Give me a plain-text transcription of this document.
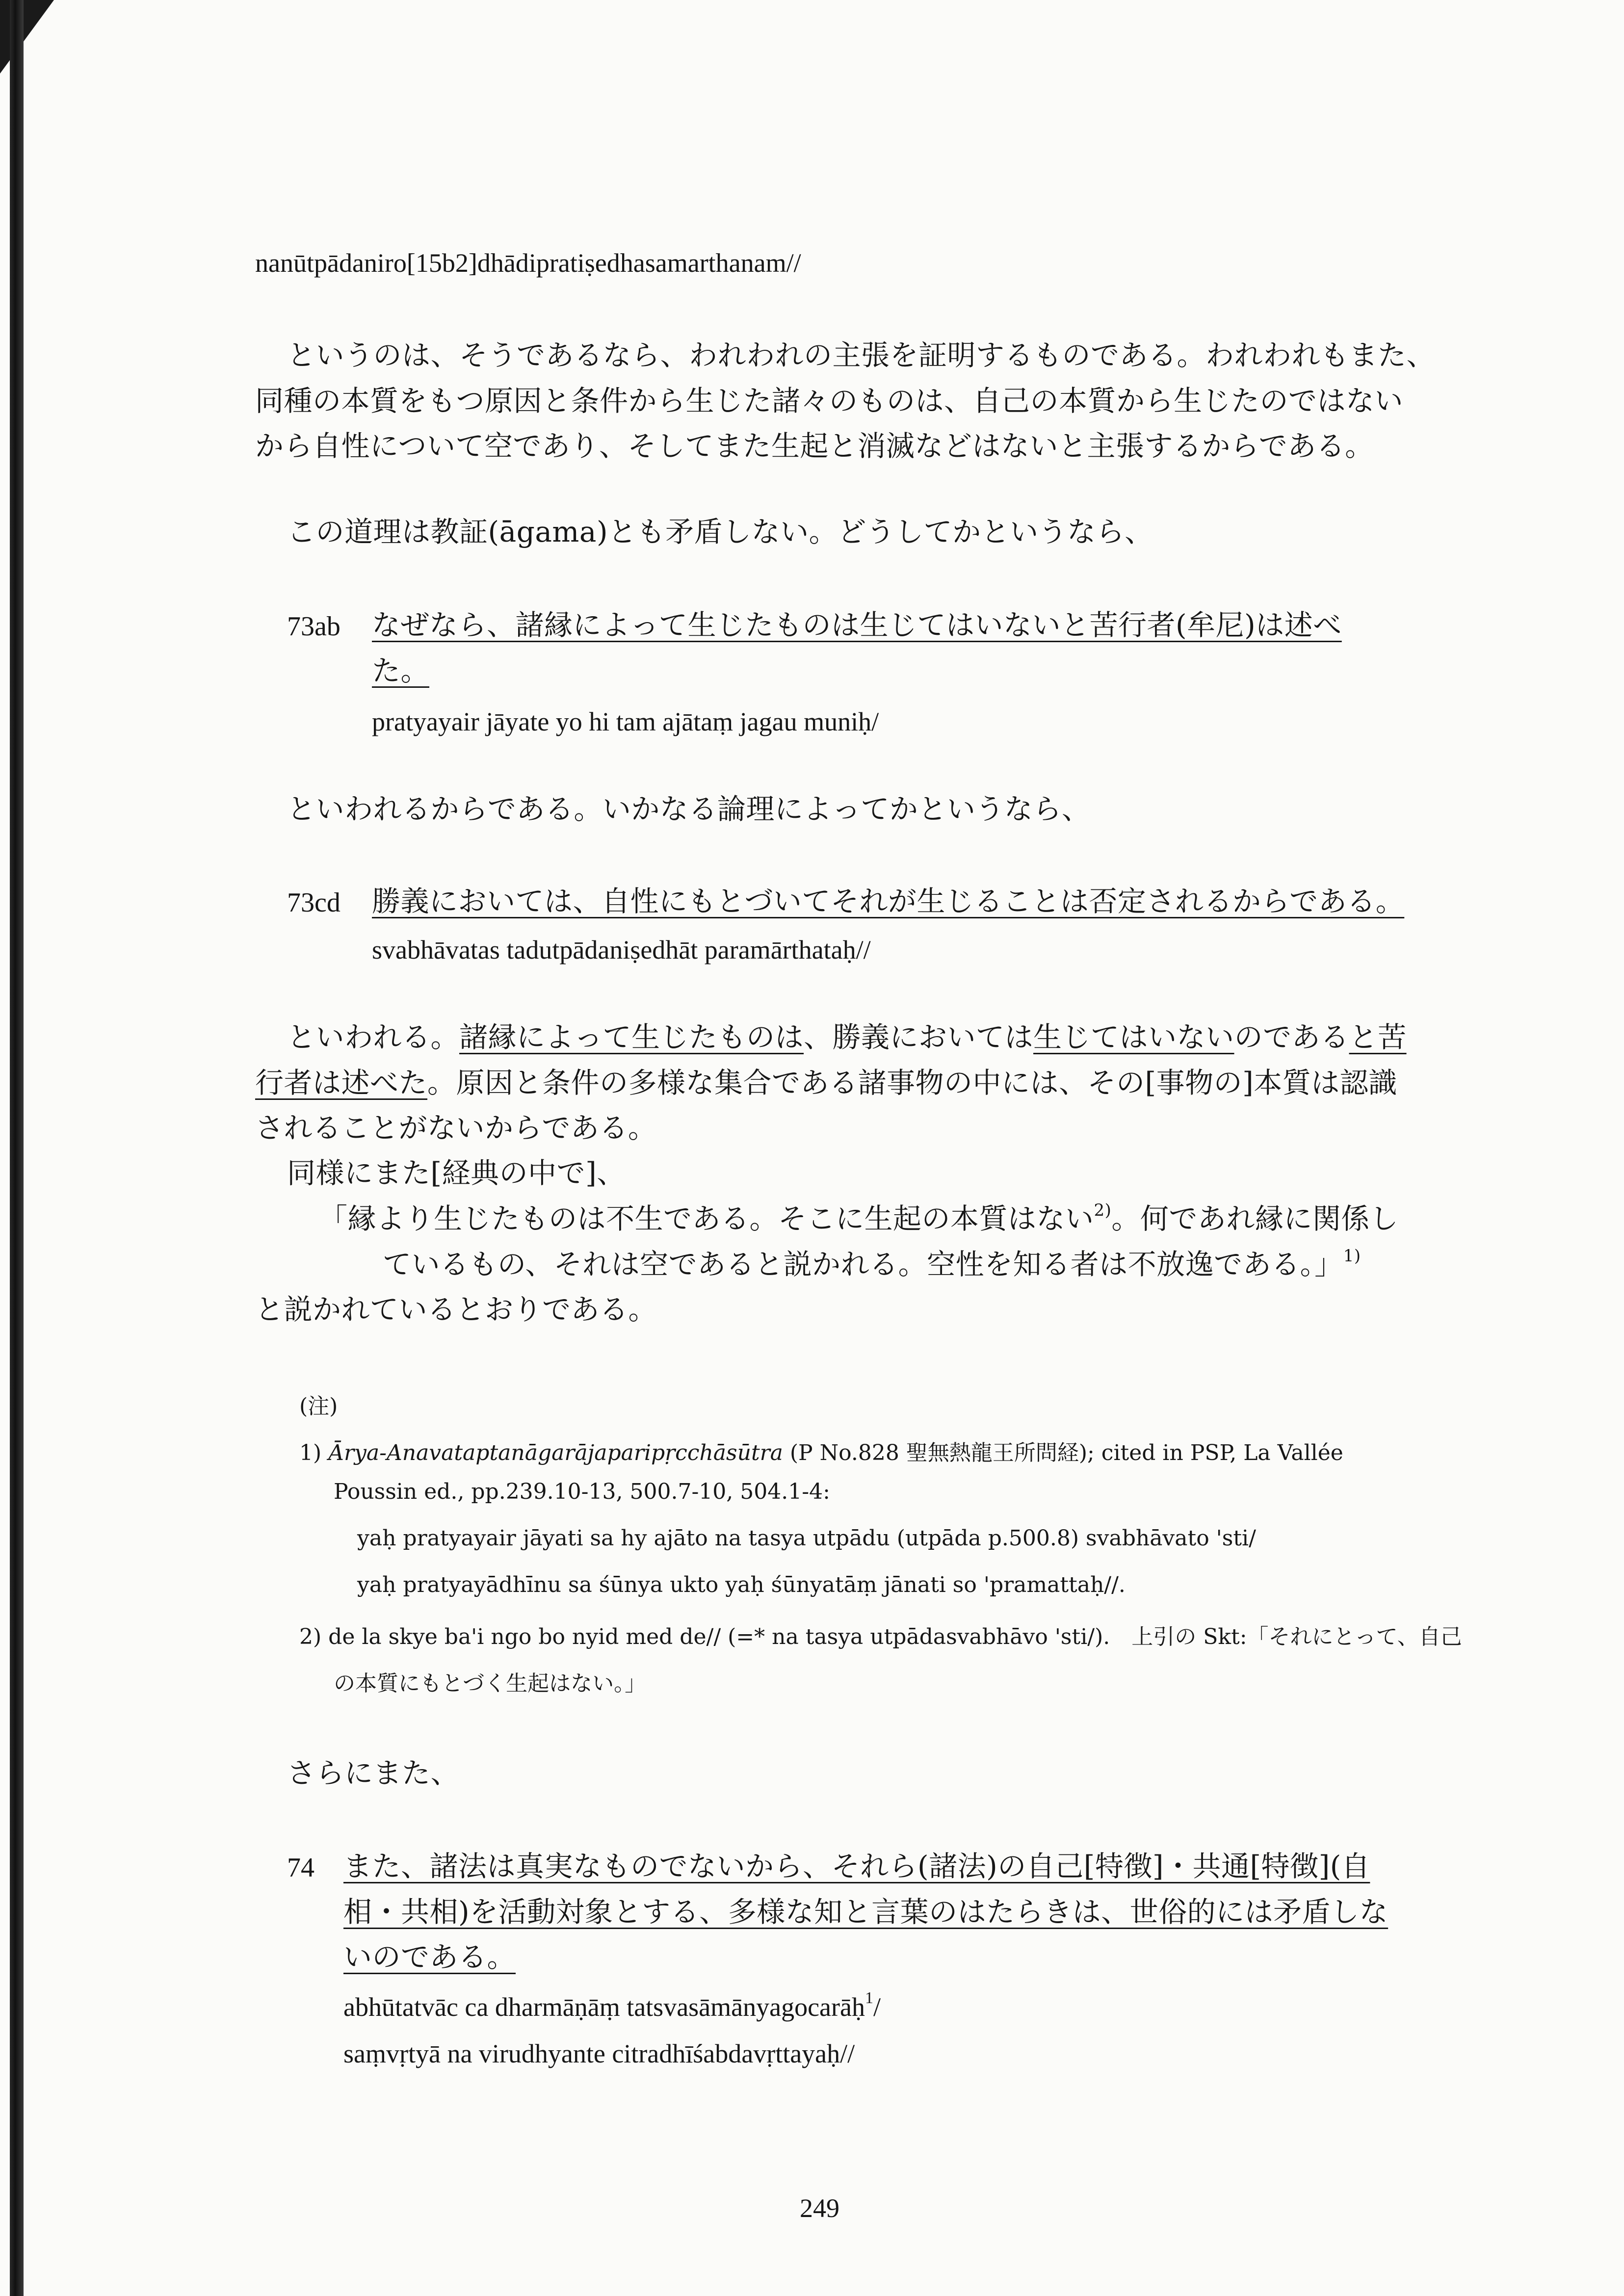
nanūtpādaniro[15b2]dhādipratiṣedhasamarthanam//
というのは、そうであるなら、われわれの主張を証明するものである。われわれもまた、
同種の本質をもつ原因と条件から生じた諸々のものは、自己の本質から生じたのではない
から自性について空であり、そしてまた生起と消滅などはないと主張するからである。
この道理は教証(āgama)とも矛盾しない。どうしてかというなら、
73ab なぜなら、諸縁によって生じたものは生じてはいないと苦行者(牟尼)は述べ
た。
pratyayair jāyate yo hi tam ajātaṃ jagau muniḥ/
といわれるからである。いかなる論理によってかというなら、
73cd 勝義においては、自性にもとづいてそれが生じることは否定されるからである。
svabhāvatas tadutpādaniṣedhāt paramārthataḥ//
といわれる。諸縁によって生じたものは、勝義においては生じてはいないのであると苦
行者は述べた。原因と条件の多様な集合である諸事物の中には、その[事物の]本質は認識
されることがないからである。
同様にまた[経典の中で]、
「縁より生じたものは不生である。そこに生起の本質はない$^{2)}$。何であれ縁に関係し
ているもの、それは空であると説かれる。空性を知る者は不放逸である。」$^{1)}$
と説かれているとおりである。
(注)
1) Ārya-Anavataptanāgarājaparipṛcchāsūtra (P No.828 聖無熱龍王所問経); cited in PSP, La Vallée
Poussin ed., pp.239.10-13, 500.7-10, 504.1-4:
yaḥ pratyayair jāyati sa hy ajāto na tasya utpādu (utpāda p.500.8) svabhāvato 'sti/
yaḥ pratyayādhīnu sa śūnya ukto yaḥ śūnyatāṃ jānati so 'pramattaḥ//.
2) de la skye ba'i ngo bo nyid med de// (=* na tasya utpādasvabhāvo 'sti/).　上引の Skt:「それにとって、自己
の本質にもとづく生起はない。」
さらにまた、
74 また、諸法は真実なものでないから、それら(諸法)の自己[特徴]・共通[特徴](自
相・共相)を活動対象とする、多様な知と言葉のはたらきは、世俗的には矛盾しな
いのである。
abhūtatvāc ca dharmāṇāṃ tatsvasāmānyagocarāḥ$^1$/
saṃvṛtyā na virudhyante citradhīśabdavṛttayaḥ//
249
